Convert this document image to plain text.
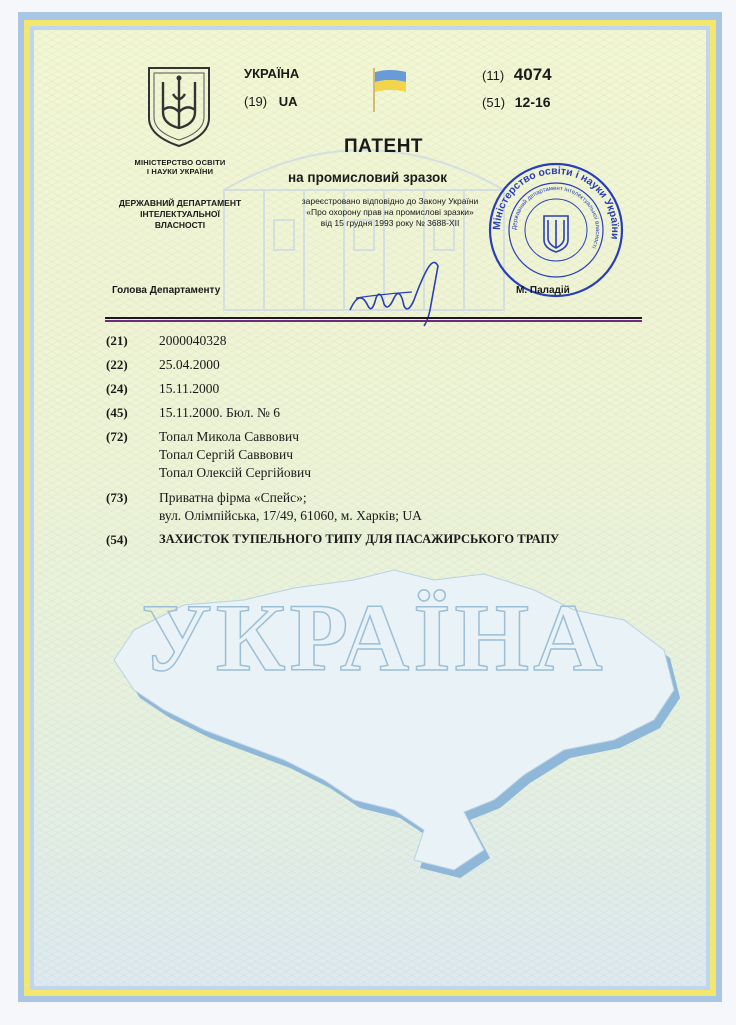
МІНІСТЕРСТВО ОСВІТИ
І НАУКИ УКРАЇНИ
ДЕРЖАВНИЙ ДЕПАРТАМЕНТ
ІНТЕЛЕКТУАЛЬНОЇ
ВЛАСНОСТІ
УКРАЇНА
(19) UA
(11) 4074
(51) 12-16
ПАТЕНТ
на промисловий зразок
зареєстровано відповідно до Закону України
«Про охорону прав на промислові зразки»
від 15 грудня 1993 року № 3688-XII	Міністерство освіти і науки України
Державний департамент інтелектуальної власності
Голова Департаменту	М. Паладій
(21) 2000040328
(22) 25.04.2000
(24) 15.11.2000
(45) 15.11.2000. Бюл. № 6
(72) Топал Микола Саввович
Топал Сергій Саввович
Топал Олексій Сергійович
(73) Приватна фірма «Спейс»;
вул. Олімпійська, 17/49, 61060, м. Харків; UA
(54)	ЗАХИСТОК ТУПЕЛЬНОГО ТИПУ ДЛЯ ПАСАЖИРСЬКОГО ТРАПУ
УКРАЇНА
